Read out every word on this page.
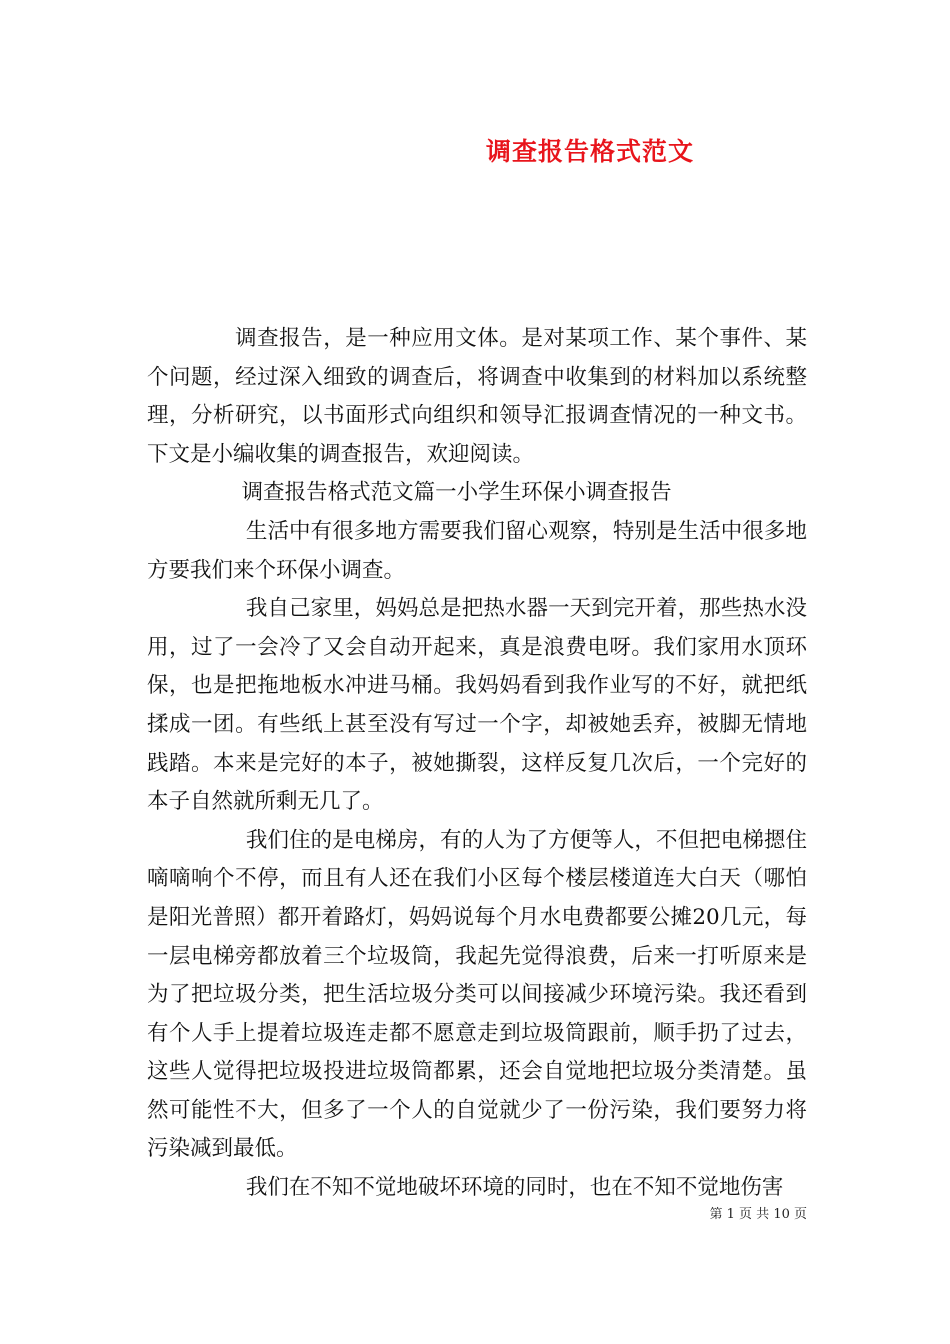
调查报告格式范文

调查报告，是一种应用文体。是对某项工作、某个事件、某个问题，经过深入细致的调查后，将调查中收集到的材料加以系统整理，分析研究，以书面形式向组织和领导汇报调查情况的一种文书。下文是小编收集的调查报告，欢迎阅读。

调查报告格式范文篇一小学生环保小调查报告

生活中有很多地方需要我们留心观察，特别是生活中很多地方要我们来个环保小调查。

我自己家里，妈妈总是把热水器一天到完开着，那些热水没用，过了一会冷了又会自动开起来，真是浪费电呀。我们家用水顶环保，也是把拖地板水冲进马桶。我妈妈看到我作业写的不好，就把纸揉成一团。有些纸上甚至没有写过一个字，却被她丢弃，被脚无情地践踏。本来是完好的本子，被她撕裂，这样反复几次后，一个完好的本子自然就所剩无几了。

我们住的是电梯房，有的人为了方便等人，不但把电梯摁住嘀嘀响个不停，而且有人还在我们小区每个楼层楼道连大白天（哪怕是阳光普照）都开着路灯，妈妈说每个月水电费都要公摊20几元，每一层电梯旁都放着三个垃圾筒，我起先觉得浪费，后来一打听原来是为了把垃圾分类，把生活垃圾分类可以间接减少环境污染。我还看到有个人手上提着垃圾连走都不愿意走到垃圾筒跟前，顺手扔了过去，这些人觉得把垃圾投进垃圾筒都累，还会自觉地把垃圾分类清楚。虽然可能性不大，但多了一个人的自觉就少了一份污染，我们要努力将污染减到最低。

我们在不知不觉地破坏环境的同时，也在不知不觉地伤害

第 1 页 共 10 页
